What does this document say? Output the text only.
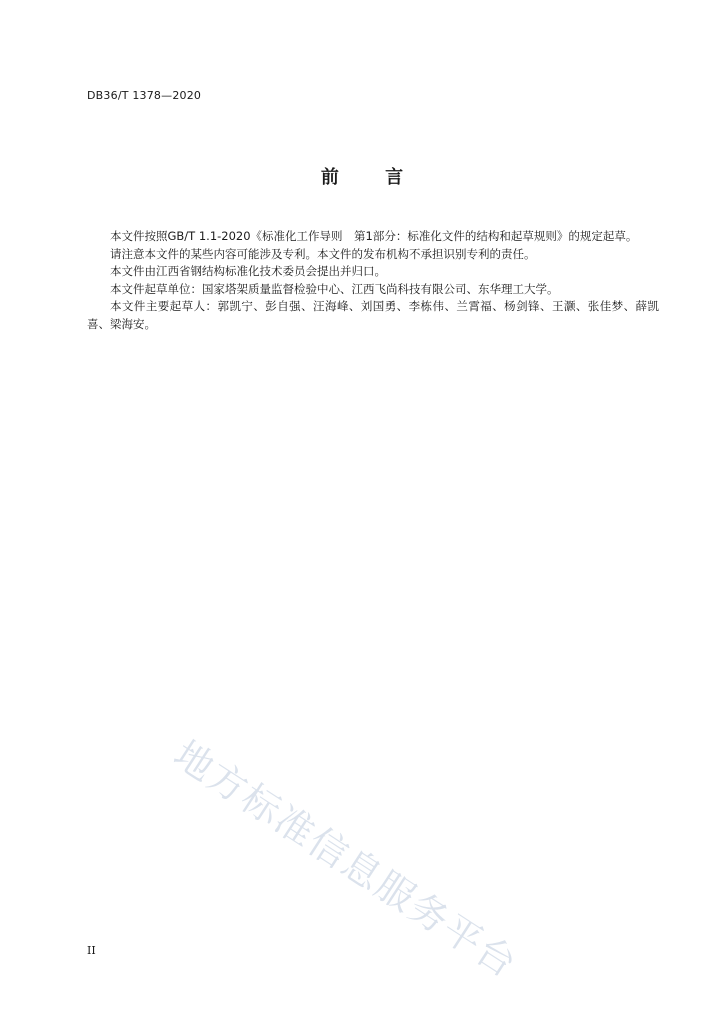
DB36/T 1378—2020
前 言

本文件按照GB/T 1.1-2020《标准化工作导则　第1部分：标准化文件的结构和起草规则》的规定起草。

请注意本文件的某些内容可能涉及专利。本文件的发布机构不承担识别专利的责任。

本文件由江西省钢结构标准化技术委员会提出并归口。

本文件起草单位：国家塔架质量监督检验中心、江西飞尚科技有限公司、东华理工大学。

本文件主要起草人：郭凯宁、彭自强、汪海峰、刘国勇、李栋伟、兰霄福、杨剑锋、王灏、张佳梦、薛凯喜、梁海安。

地方标准信息服务平台
II
